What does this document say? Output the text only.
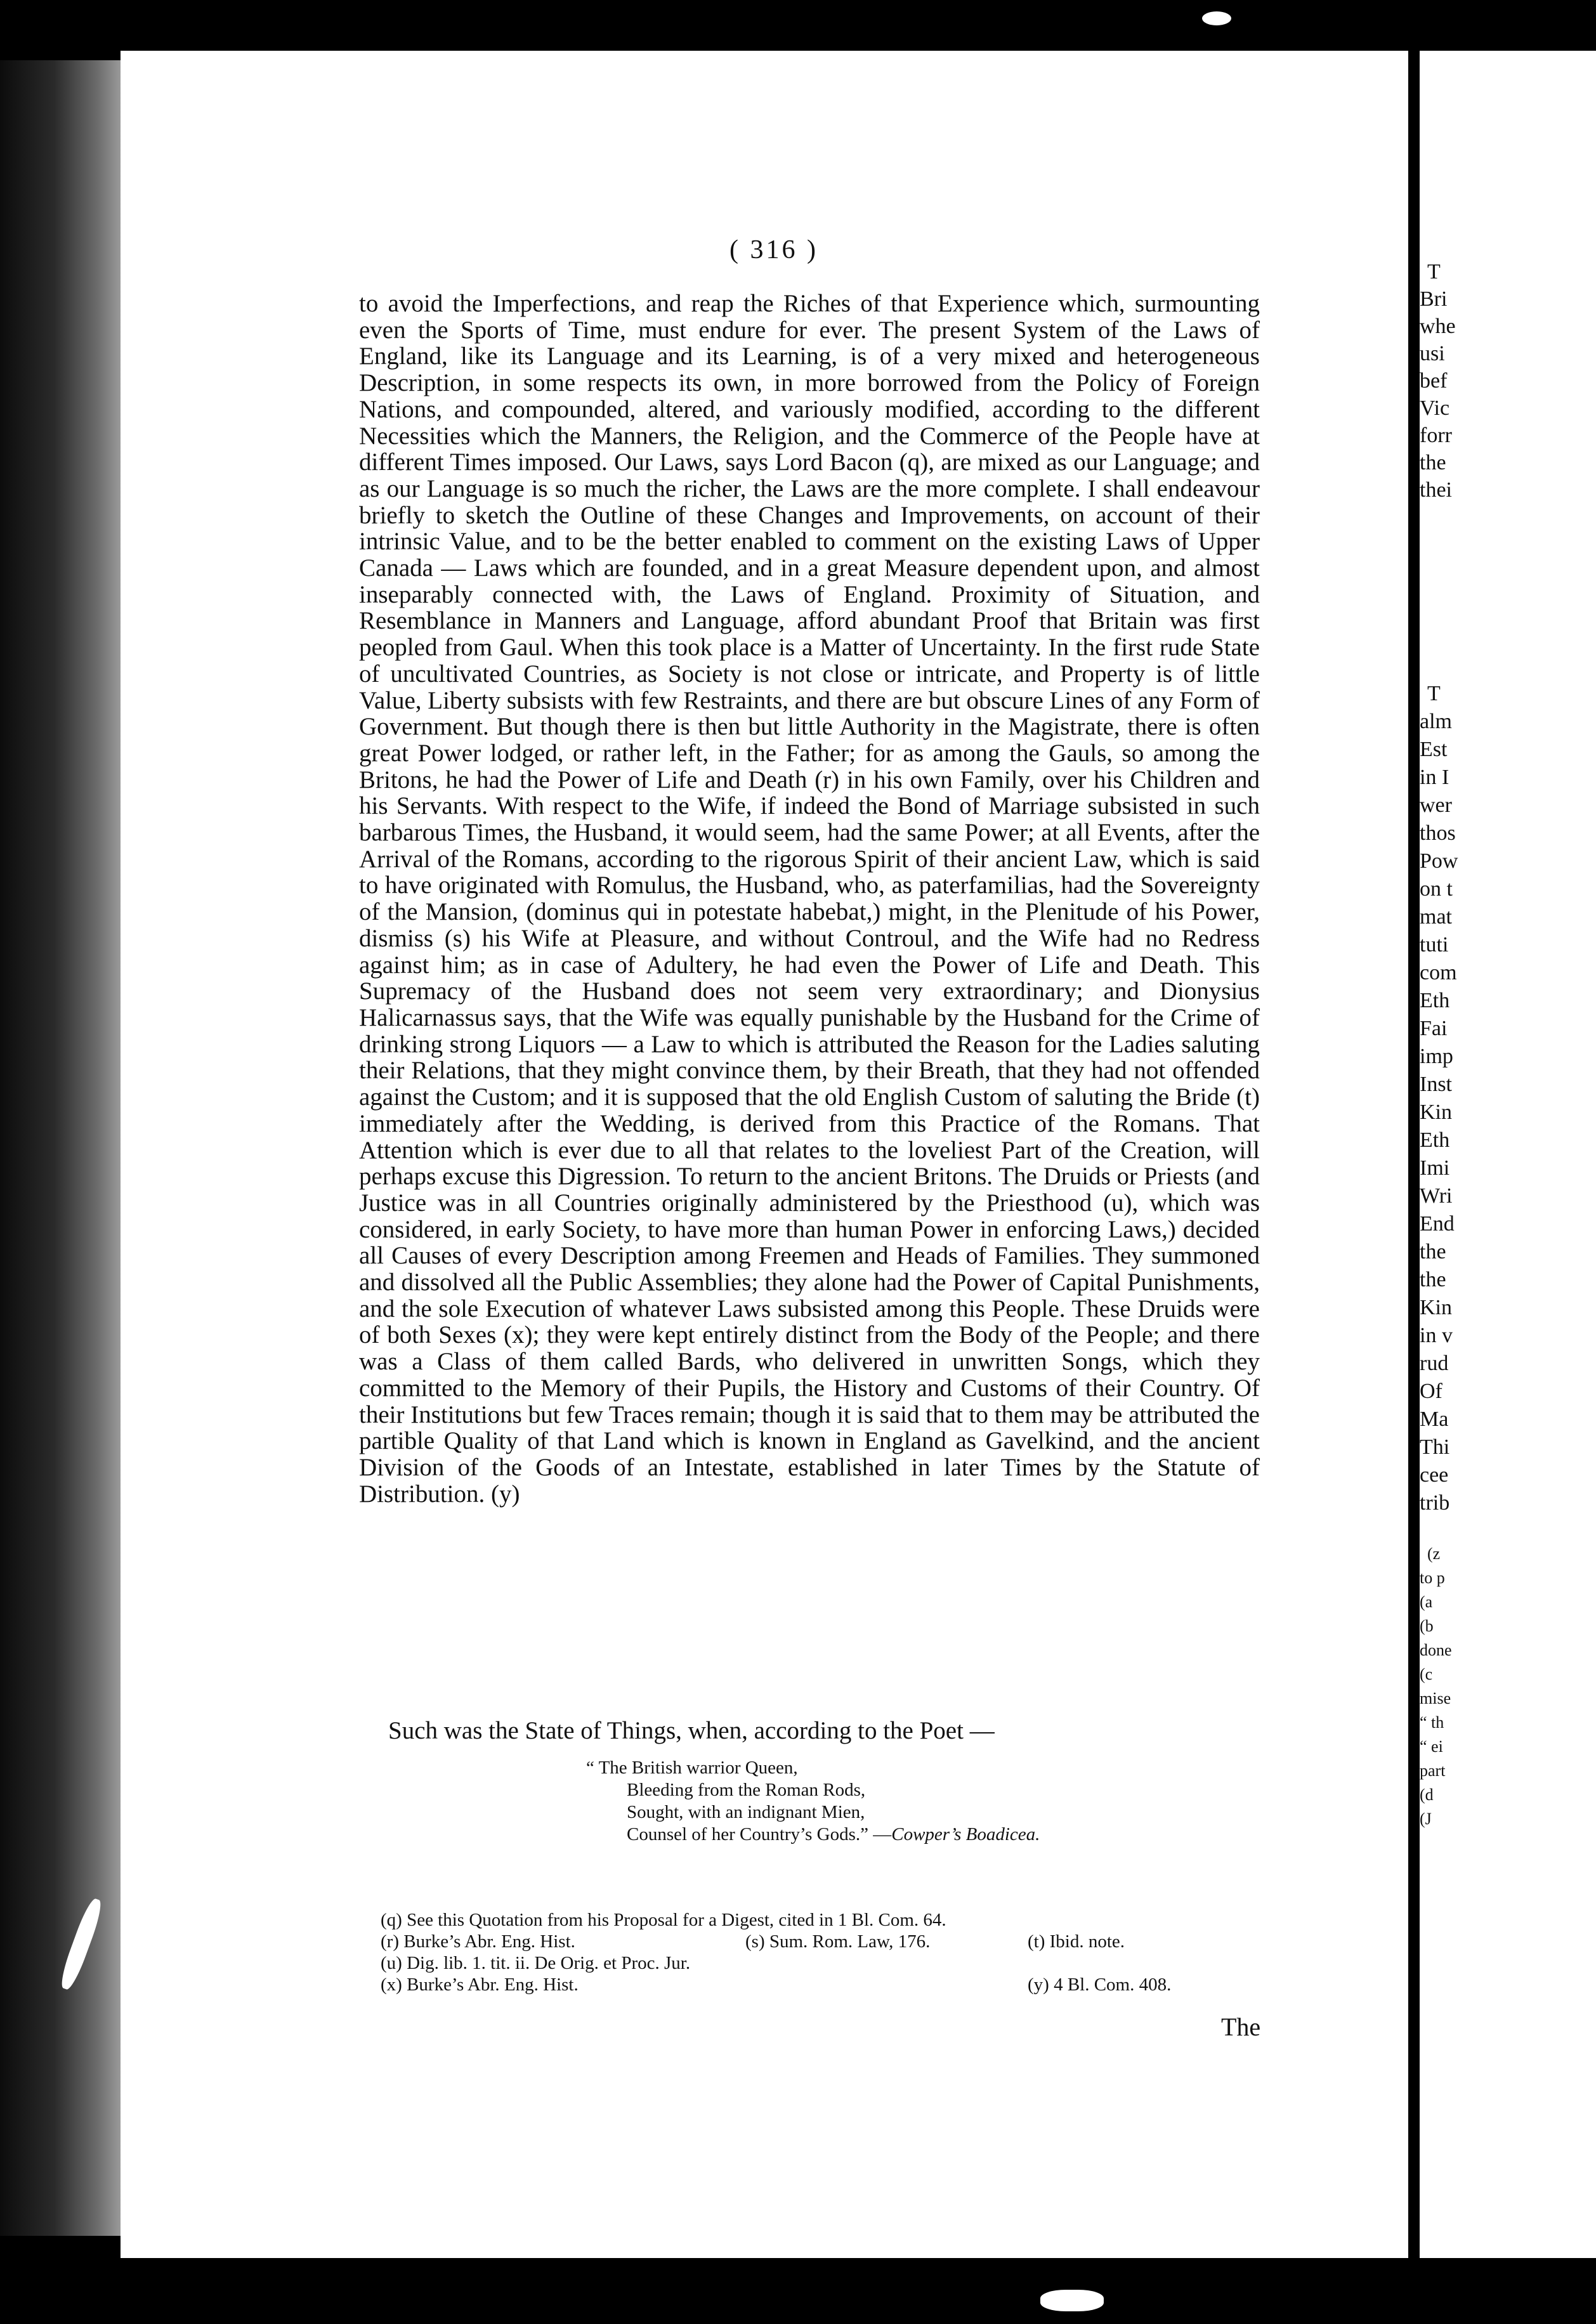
( 316 )

to avoid the Imperfections, and reap the Riches of that Experience which, surmounting even the Sports of Time, must endure for ever. The present System of the Laws of England, like its Language and its Learning, is of a very mixed and heterogeneous Description, in some respects its own, in more borrowed from the Policy of Foreign Nations, and compounded, altered, and variously modified, according to the different Necessities which the Manners, the Religion, and the Commerce of the People have at different Times imposed. Our Laws, says Lord Bacon (q), are mixed as our Language; and as our Language is so much the richer, the Laws are the more complete. I shall endeavour briefly to sketch the Outline of these Changes and Improvements, on account of their intrinsic Value, and to be the better enabled to comment on the existing Laws of Upper Canada — Laws which are founded, and in a great Measure dependent upon, and almost inseparably connected with, the Laws of England. Proximity of Situation, and Resemblance in Manners and Language, afford abundant Proof that Britain was first peopled from Gaul. When this took place is a Matter of Uncertainty. In the first rude State of uncultivated Countries, as Society is not close or intricate, and Property is of little Value, Liberty subsists with few Restraints, and there are but obscure Lines of any Form of Government. But though there is then but little Authority in the Magistrate, there is often great Power lodged, or rather left, in the Father; for as among the Gauls, so among the Britons, he had the Power of Life and Death (r) in his own Family, over his Children and his Servants. With respect to the Wife, if indeed the Bond of Marriage subsisted in such barbarous Times, the Husband, it would seem, had the same Power; at all Events, after the Arrival of the Romans, according to the rigorous Spirit of their ancient Law, which is said to have originated with Romulus, the Husband, who, as paterfamilias, had the Sovereignty of the Mansion, (dominus qui in potestate habebat,) might, in the Plenitude of his Power, dismiss (s) his Wife at Pleasure, and without Controul, and the Wife had no Redress against him; as in case of Adultery, he had even the Power of Life and Death. This Supremacy of the Husband does not seem very extraordinary; and Dionysius Halicarnassus says, that the Wife was equally punishable by the Husband for the Crime of drinking strong Liquors — a Law to which is attributed the Reason for the Ladies saluting their Relations, that they might convince them, by their Breath, that they had not offended against the Custom; and it is supposed that the old English Custom of saluting the Bride (t) immediately after the Wedding, is derived from this Practice of the Romans. That Attention which is ever due to all that relates to the loveliest Part of the Creation, will perhaps excuse this Digression. To return to the ancient Britons. The Druids or Priests (and Justice was in all Countries originally administered by the Priesthood (u), which was considered, in early Society, to have more than human Power in enforcing Laws,) decided all Causes of every Description among Freemen and Heads of Families. They summoned and dissolved all the Public Assemblies; they alone had the Power of Capital Punishments, and the sole Execution of whatever Laws subsisted among this People. These Druids were of both Sexes (x); they were kept entirely distinct from the Body of the People; and there was a Class of them called Bards, who delivered in unwritten Songs, which they committed to the Memory of their Pupils, the History and Customs of their Country. Of their Institutions but few Traces remain; though it is said that to them may be attributed the partible Quality of that Land which is known in England as Gavelkind, and the ancient Division of the Goods of an Intestate, established in later Times by the Statute of Distribution. (y)

Such was the State of Things, when, according to the Poet —

“ The British warrior Queen,
Bleeding from the Roman Rods,
Sought, with an indignant Mien,
Counsel of her Country’s Gods.” —Cowper’s Boadicea.
(q) See this Quotation from his Proposal for a Digest, cited in 1 Bl. Com. 64.
(r) Burke’s Abr. Eng. Hist.	(s) Sum. Rom. Law, 176.	(t) Ibid. note.
(u) Dig. lib. 1. tit. ii. De Orig. et Proc. Jur.
(x) Burke’s Abr. Eng. Hist.	(y) 4 Bl. Com. 408.
The
T
Bri
whe
usi
bef
Vic
forr
the
thei
T
alm
Est
in I
wer
thos
Pow
on t
mat
tuti
com
Eth
Fai
imp
Inst
Kin
Eth
Imi
Wri
End
the
the
Kin
in v
rud
Of
Ma
Thi
cee
trib
(z
to p
(a
(b
done
(c
mise
“ th
“ ei
part
(d
(J
